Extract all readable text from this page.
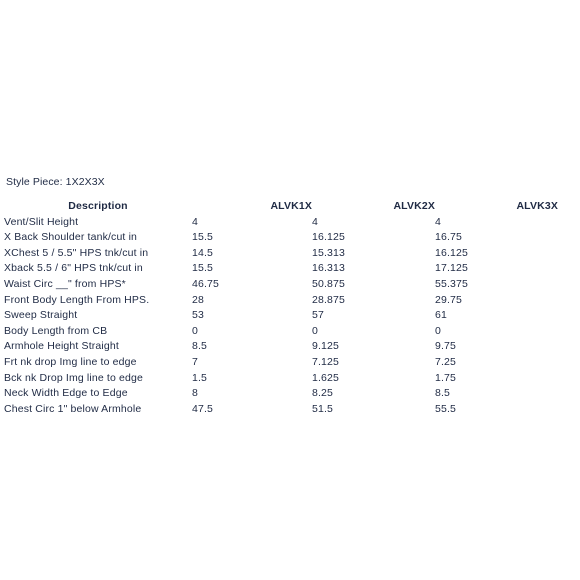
Style Piece: 1X2X3X
Description	ALVK1X	ALVK2X	ALVK3X
Vent/Slit Height	4	4	4
X Back Shoulder tank/cut in	15.5	16.125	16.75
XChest 5 / 5.5" HPS tnk/cut in	14.5	15.313	16.125
Xback 5.5 / 6" HPS tnk/cut in	15.5	16.313	17.125
Waist Circ __" from HPS*	46.75	50.875	55.375
Front Body Length From HPS.	28	28.875	29.75
Sweep Straight	53	57	61
Body Length from CB	0	0	0
Armhole Height Straight	8.5	9.125	9.75
Frt nk drop Img line to edge	7	7.125	7.25
Bck nk Drop Img line to edge	1.5	1.625	1.75
Neck Width Edge to Edge	8	8.25	8.5
Chest Circ 1" below Armhole	47.5	51.5	55.5
